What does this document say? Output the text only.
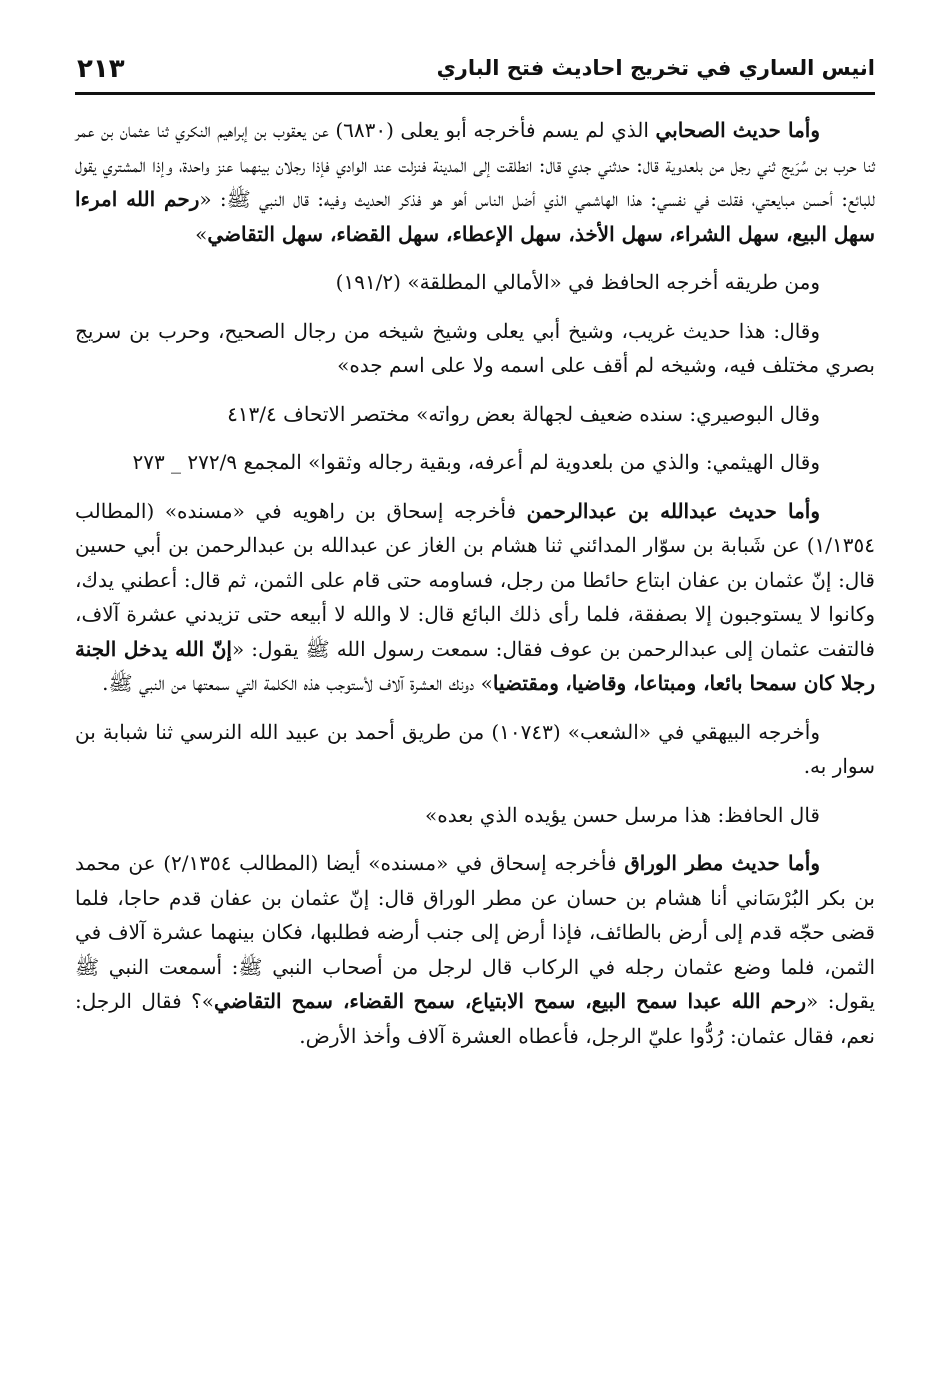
انيس الساري في تخريج احاديث فتح الباري
٢١٣

وأما حديث الصحابي الذي لم يسم فأخرجه أبو يعلى (٦٨٣٠) عن يعقوب بن إبراهيم النكري ثنا عثمان بن عمر ثنا حرب بن سُرَيج ثني رجل من بلعدوية قال: حدثني جدي قال: انطلقت إلى المدينة فنزلت عند الوادي فإذا رجلان بينهما عنز واحدة، وإذا المشتري يقول للبائع: أحسن مبايعتي، فقلت في نفسي: هذا الهاشمي الذي أضل الناس أهو هو فذكر الحديث وفيه: قال النبي ﷺ: «رحم الله امرءا سهل البيع، سهل الشراء، سهل الأخذ، سهل الإعطاء، سهل القضاء، سهل التقاضي»

ومن طريقه أخرجه الحافظ في «الأمالي المطلقة» (١٩١/٢)

وقال: هذا حديث غريب، وشيخ أبي يعلى وشيخ شيخه من رجال الصحيح، وحرب بن سريج بصري مختلف فيه، وشيخه لم أقف على اسمه ولا على اسم جده»

وقال البوصيري: سنده ضعيف لجهالة بعض رواته» مختصر الاتحاف ٤١٣/٤

وقال الهيثمي: والذي من بلعدوية لم أعرفه، وبقية رجاله وثقوا» المجمع ٢٧٢/٩ _ ٢٧٣

وأما حديث عبدالله بن عبدالرحمن فأخرجه إسحاق بن راهويه في «مسنده» (المطالب ١/١٣٥٤) عن شَبابة بن سوّار المدائني ثنا هشام بن الغاز عن عبدالله بن عبدالرحمن بن أبي حسين قال: إنّ عثمان بن عفان ابتاع حائطا من رجل، فساومه حتى قام على الثمن، ثم قال: أعطني يدك، وكانوا لا يستوجبون إلا بصفقة، فلما رأى ذلك البائع قال: لا والله لا أبيعه حتى تزيدني عشرة آلاف، فالتفت عثمان إلى عبدالرحمن بن عوف فقال: سمعت رسول الله ﷺ يقول: «إنّ الله يدخل الجنة رجلا كان سمحا بائعا، ومبتاعا، وقاضيا، ومقتضيا» دونك العشرة آلاف لأستوجب هذه الكلمة التي سمعتها من النبي ﷺ.

وأخرجه البيهقي في «الشعب» (١٠٧٤٣) من طريق أحمد بن عبيد الله النرسي ثنا شبابة بن سوار به.

قال الحافظ: هذا مرسل حسن يؤيده الذي بعده»

وأما حديث مطر الوراق فأخرجه إسحاق في «مسنده» أيضا (المطالب ٢/١٣٥٤) عن محمد بن بكر البُرْسَاني أنا هشام بن حسان عن مطر الوراق قال: إنّ عثمان بن عفان قدم حاجا، فلما قضى حجّه قدم إلى أرض بالطائف، فإذا أرض إلى جنب أرضه فطلبها، فكان بينهما عشرة آلاف في الثمن، فلما وضع عثمان رجله في الركاب قال لرجل من أصحاب النبي ﷺ: أسمعت النبي ﷺ يقول: «رحم الله عبدا سمح البيع، سمح الابتياع، سمح القضاء، سمح التقاضي»؟ فقال الرجل: نعم، فقال عثمان: رُدُّوا عليّ الرجل، فأعطاه العشرة آلاف وأخذ الأرض.
